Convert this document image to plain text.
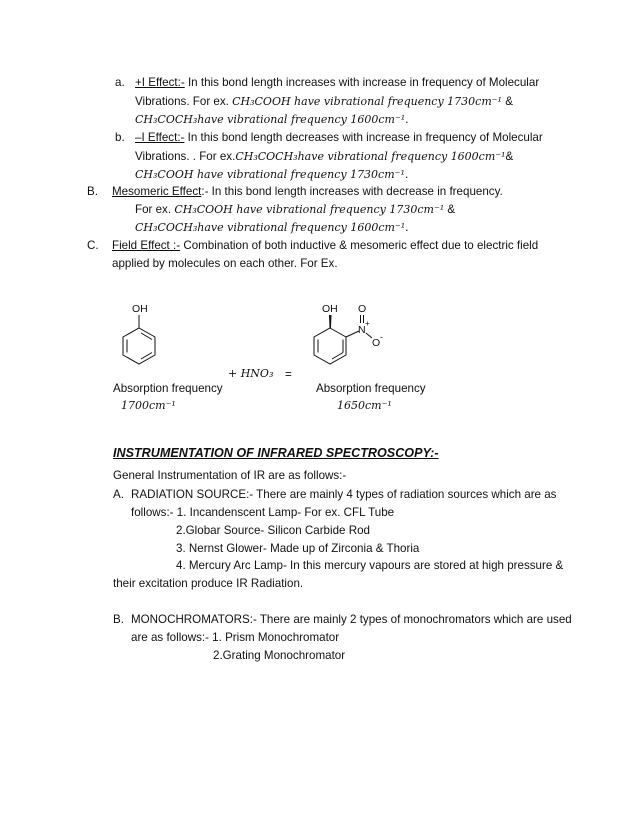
a. +I Effect:- In this bond length increases with increase in frequency of Molecular
Vibrations. For ex. CH₃COOH have vibrational frequency 1730cm⁻¹ &
CH₃COCH₃have vibrational frequency 1600cm⁻¹.
b. –I Effect:- In this bond length decreases with increase in frequency of Molecular
Vibrations. . For ex.CH₃COCH₃have vibrational frequency 1600cm⁻¹&
CH₃COOH have vibrational frequency 1730cm⁻¹.
B. Mesomeric Effect:- In this bond length increases with decrease in frequency.
For ex. CH₃COOH have vibrational frequency 1730cm⁻¹ &
CH₃COCH₃have vibrational frequency 1600cm⁻¹.
C. Field Effect :- Combination of both inductive & mesomeric effect due to electric field
applied by molecules on each other. For Ex.
OH	OH O
N
+
O -
+ HNO₃ =
Absorption frequency
1700cm⁻¹
Absorption frequency
1650cm⁻¹
INSTRUMENTATION OF INFRARED SPECTROSCOPY:-
General Instrumentation of IR are as follows:-
A. RADIATION SOURCE:- There are mainly 4 types of radiation sources which are as
follows:- 1. Incandenscent Lamp- For ex. CFL Tube
2.Globar Source- Silicon Carbide Rod
3. Nernst Glower- Made up of Zirconia & Thoria
4. Mercury Arc Lamp- In this mercury vapours are stored at high pressure &
their excitation produce IR Radiation.
B. MONOCHROMATORS:- There are mainly 2 types of monochromators which are used
are as follows:- 1. Prism Monochromator
2.Grating Monochromator
